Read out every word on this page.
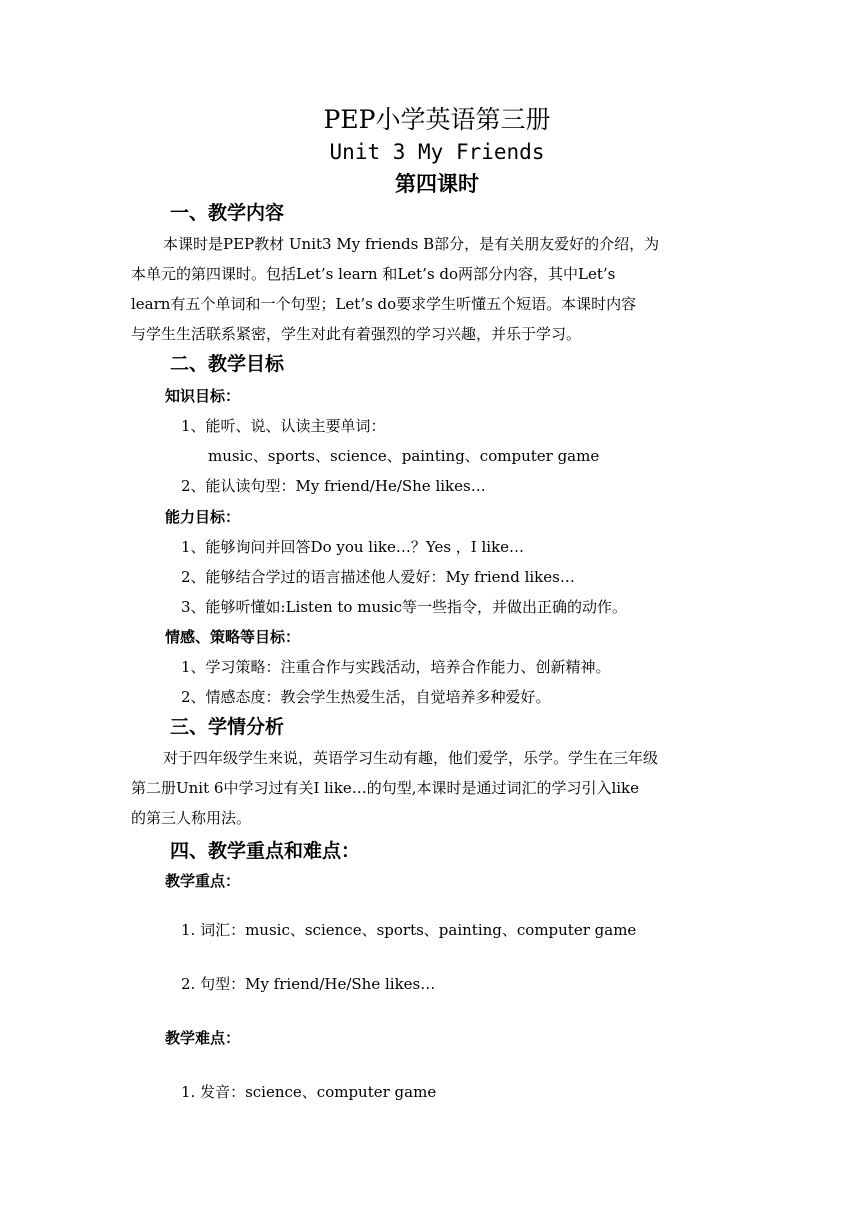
PEP小学英语第三册
Unit 3 My Friends
第四课时
一、教学内容
本课时是PEP教材 Unit3 My friends B部分，是有关朋友爱好的介绍，为
本单元的第四课时。包括Let’s learn 和Let’s do两部分内容，其中Let’s
learn有五个单词和一个句型；Let’s do要求学生听懂五个短语。本课时内容
与学生生活联系紧密，学生对此有着强烈的学习兴趣，并乐于学习。
二、教学目标
知识目标：
1、能听、说、认读主要单词：
music、sports、science、painting、computer game
2、能认读句型：My friend/He/She likes…
能力目标：
1、能够询问并回答Do you like…？Yes ，I like…
2、能够结合学过的语言描述他人爱好：My friend likes…
3、能够听懂如:Listen to music等一些指令，并做出正确的动作。
情感、策略等目标：
1、学习策略：注重合作与实践活动，培养合作能力、创新精神。
2、情感态度：教会学生热爱生活，自觉培养多种爱好。
三、学情分析
对于四年级学生来说，英语学习生动有趣，他们爱学，乐学。学生在三年级
第二册Unit 6中学习过有关I like…的句型,本课时是通过词汇的学习引入like
的第三人称用法。
四、教学重点和难点：
教学重点：
1. 词汇：music、science、sports、painting、computer game
2. 句型：My friend/He/She likes…
教学难点：
1. 发音：science、computer game
